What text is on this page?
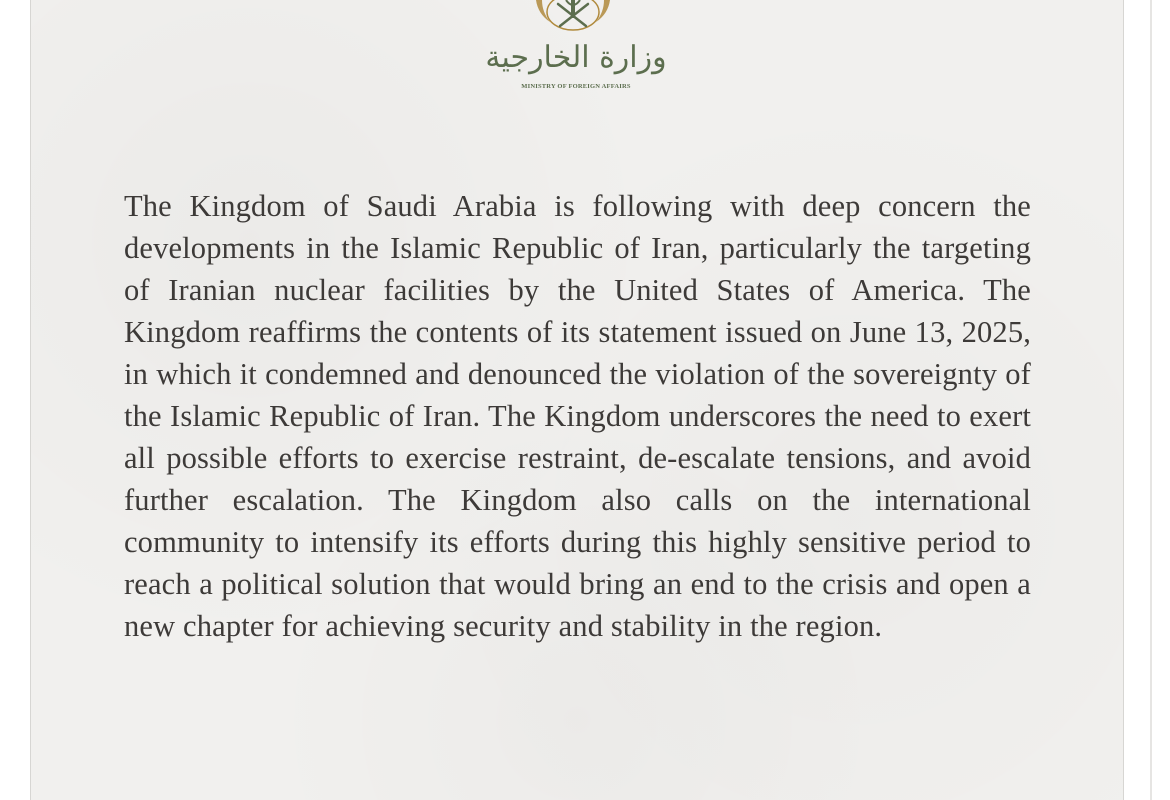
وزارة الخارجية

MINISTRY OF FOREIGN AFFAIRS

The Kingdom of Saudi Arabia is following with deep concern the developments in the Islamic Republic of Iran, particularly the targeting of Iranian nuclear facilities by the United States of America. The Kingdom reaffirms the contents of its statement issued on June 13, 2025, in which it condemned and denounced the violation of the sovereignty of the Islamic Republic of Iran. The Kingdom underscores the need to exert all possible efforts to exercise restraint, de-escalate tensions, and avoid further escalation. The Kingdom also calls on the international community to intensify its efforts during this highly sensitive period to reach a political solution that would bring an end to the crisis and open a new chapter for achieving security and stability in the region.
